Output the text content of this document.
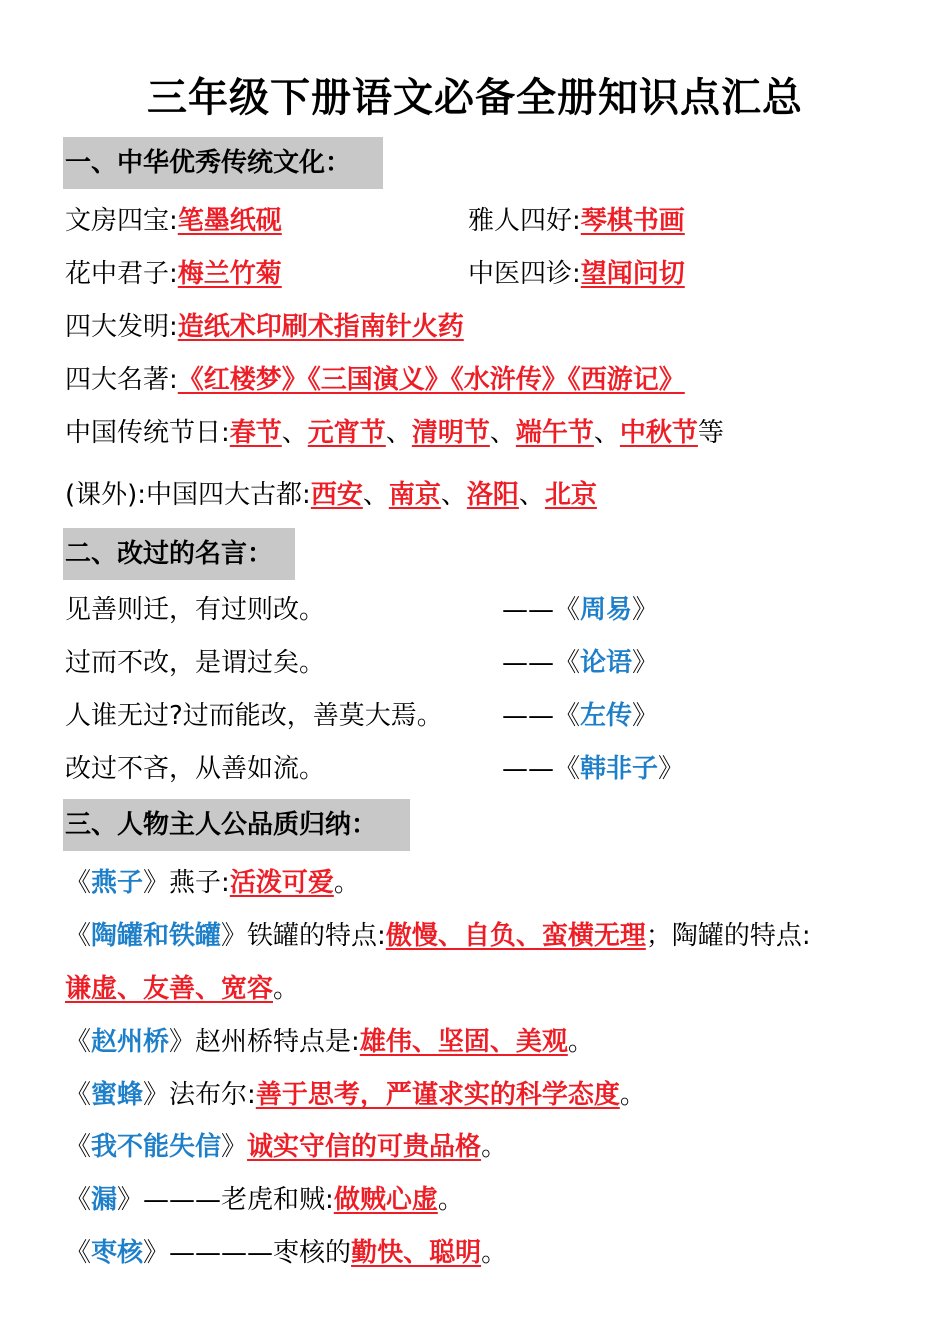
三年级下册语文必备全册知识点汇总
一、中华优秀传统文化：
文房四宝:笔墨纸砚	雅人四好:琴棋书画
花中君子:梅兰竹菊	中医四诊:望闻问切
四大发明:造纸术印刷术指南针火药
四大名著:《红楼梦》《三国演义》《水浒传》《西游记》
中国传统节日:春节、元宵节、清明节、端午节、中秋节等
(课外):中国四大古都:西安、南京、洛阳、北京
二、改过的名言：
见善则迁，有过则改。	——《周易》
过而不改，是谓过矣。	——《论语》
人谁无过?过而能改，善莫大焉。 ——《左传》
改过不吝，从善如流。	——《韩非子》
三、人物主人公品质归纳：
《燕子》燕子:活泼可爱。
《陶罐和铁罐》铁罐的特点:傲慢、自负、蛮横无理；陶罐的特点:
谦虚、友善、宽容。
《赵州桥》赵州桥特点是:雄伟、坚固、美观。
《蜜蜂》法布尔:善于思考，严谨求实的科学态度。
《我不能失信》诚实守信的可贵品格。
《漏》———老虎和贼:做贼心虚。
《枣核》————枣核的勤快、聪明。
